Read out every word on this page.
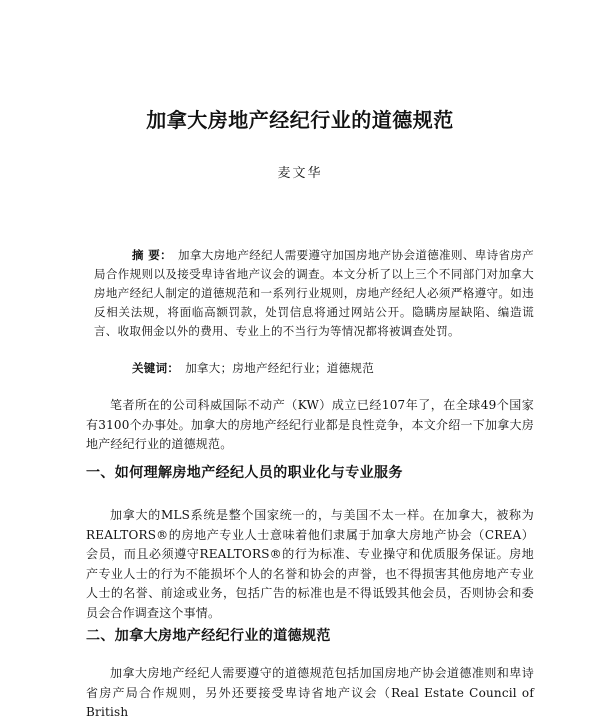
加拿大房地产经纪行业的道德规范
麦文华
摘 要： 加拿大房地产经纪人需要遵守加国房地产协会道德准则、卑诗省房产局合作规则以及接受卑诗省地产议会的调查。本文分析了以上三个不同部门对加拿大房地产经纪人制定的道德规范和一系列行业规则，房地产经纪人必须严格遵守。如违反相关法规，将面临高额罚款，处罚信息将通过网站公开。隐瞒房屋缺陷、编造谎言、收取佣金以外的费用、专业上的不当行为等情况都将被调查处罚。
关键词： 加拿大；房地产经纪行业；道德规范
笔者所在的公司科威国际不动产（KW）成立已经107年了，在全球49个国家有3100个办事处。加拿大的房地产经纪行业都是良性竞争，本文介绍一下加拿大房地产经纪行业的道德规范。
一、如何理解房地产经纪人员的职业化与专业服务
加拿大的MLS系统是整个国家统一的，与美国不太一样。在加拿大，被称为REALTORS®的房地产专业人士意味着他们隶属于加拿大房地产协会（CREA）会员，而且必须遵守REALTORS®的行为标准、专业操守和优质服务保证。房地产专业人士的行为不能损坏个人的名誉和协会的声誉，也不得损害其他房地产专业人士的名誉、前途或业务，包括广告的标准也是不得诋毁其他会员，否则协会和委员会合作调查这个事情。
二、加拿大房地产经纪行业的道德规范
加拿大房地产经纪人需要遵守的道德规范包括加国房地产协会道德准则和卑诗省房产局合作规则，另外还要接受卑诗省地产议会（Real Estate Council of British
